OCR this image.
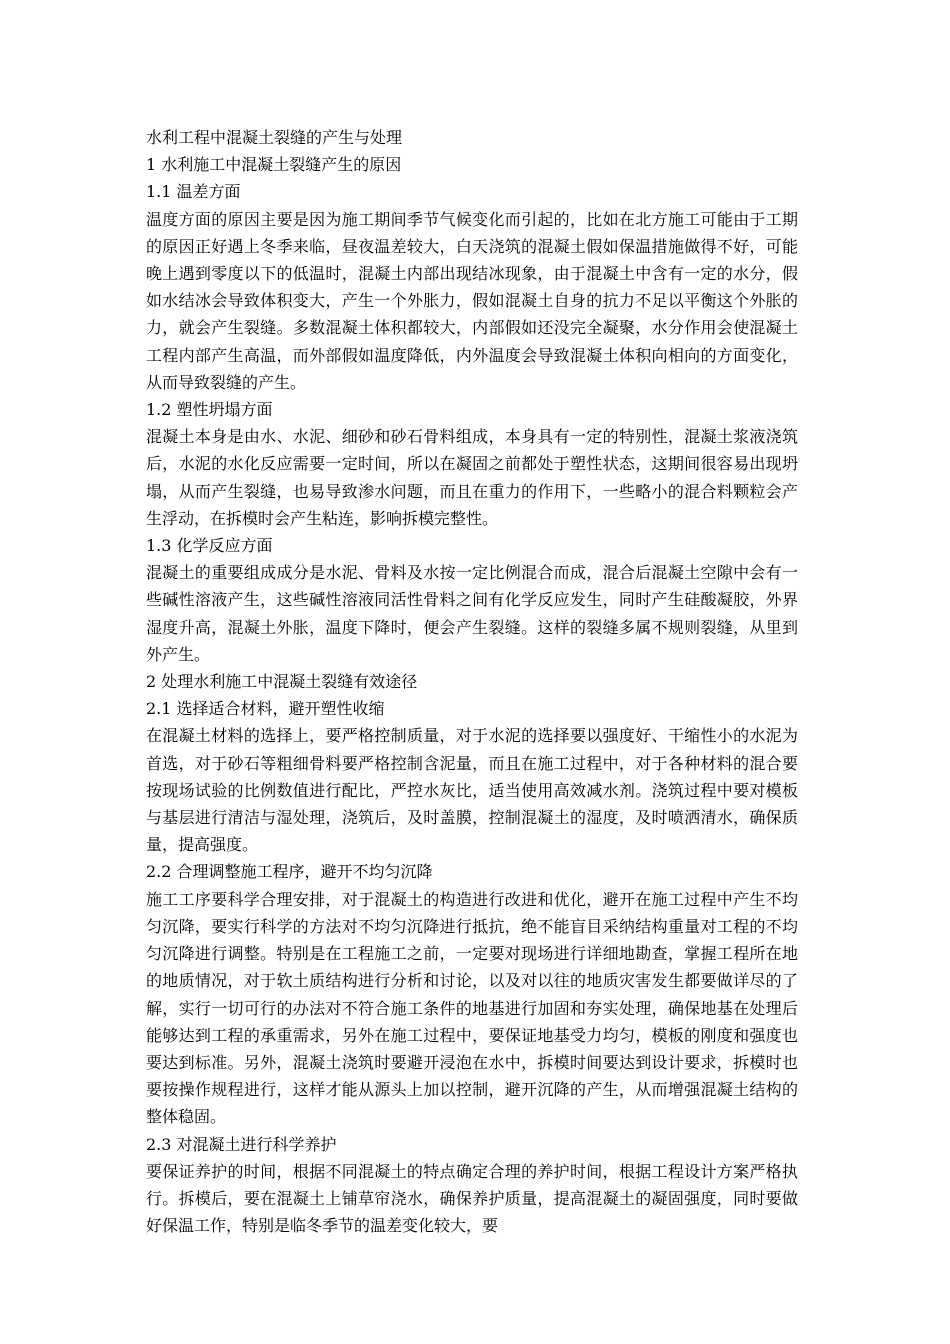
水利工程中混凝土裂缝的产生与处理

1 水利施工中混凝土裂缝产生的原因

1.1 温差方面

温度方面的原因主要是因为施工期间季节气候变化而引起的，比如在北方施工可能由于工期的原因正好遇上冬季来临，昼夜温差较大，白天浇筑的混凝土假如保温措施做得不好，可能晚上遇到零度以下的低温时，混凝土内部出现结冰现象，由于混凝土中含有一定的水分，假如水结冰会导致体积变大，产生一个外胀力，假如混凝土自身的抗力不足以平衡这个外胀的力，就会产生裂缝。多数混凝土体积都较大，内部假如还没完全凝聚，水分作用会使混凝土工程内部产生高温，而外部假如温度降低，内外温度会导致混凝土体积向相向的方面变化，从而导致裂缝的产生。

1.2 塑性坍塌方面

混凝土本身是由水、水泥、细砂和砂石骨料组成，本身具有一定的特别性，混凝土浆液浇筑后，水泥的水化反应需要一定时间，所以在凝固之前都处于塑性状态，这期间很容易出现坍塌，从而产生裂缝，也易导致渗水问题，而且在重力的作用下，一些略小的混合料颗粒会产生浮动，在拆模时会产生粘连，影响拆模完整性。

1.3 化学反应方面

混凝土的重要组成成分是水泥、骨料及水按一定比例混合而成，混合后混凝土空隙中会有一些碱性溶液产生，这些碱性溶液同活性骨料之间有化学反应发生，同时产生硅酸凝胶，外界湿度升高，混凝土外胀，温度下降时，便会产生裂缝。这样的裂缝多属不规则裂缝，从里到外产生。

2 处理水利施工中混凝土裂缝有效途径

2.1 选择适合材料，避开塑性收缩

在混凝土材料的选择上，要严格控制质量，对于水泥的选择要以强度好、干缩性小的水泥为首选，对于砂石等粗细骨料要严格控制含泥量，而且在施工过程中，对于各种材料的混合要按现场试验的比例数值进行配比，严控水灰比，适当使用高效减水剂。浇筑过程中要对模板与基层进行清洁与湿处理，浇筑后，及时盖膜，控制混凝土的湿度，及时喷洒清水，确保质量，提高强度。

2.2 合理调整施工程序，避开不均匀沉降

施工工序要科学合理安排，对于混凝土的构造进行改进和优化，避开在施工过程中产生不均匀沉降，要实行科学的方法对不均匀沉降进行抵抗，绝不能盲目采纳结构重量对工程的不均匀沉降进行调整。特别是在工程施工之前，一定要对现场进行详细地勘查，掌握工程所在地的地质情况，对于软土质结构进行分析和讨论，以及对以往的地质灾害发生都要做详尽的了解，实行一切可行的办法对不符合施工条件的地基进行加固和夯实处理，确保地基在处理后能够达到工程的承重需求，另外在施工过程中，要保证地基受力均匀，模板的刚度和强度也要达到标准。另外，混凝土浇筑时要避开浸泡在水中，拆模时间要达到设计要求，拆模时也要按操作规程进行，这样才能从源头上加以控制，避开沉降的产生，从而增强混凝土结构的整体稳固。

2.3 对混凝土进行科学养护

要保证养护的时间，根据不同混凝土的特点确定合理的养护时间，根据工程设计方案严格执行。拆模后，要在混凝土上铺草帘浇水，确保养护质量，提高混凝土的凝固强度，同时要做好保温工作，特别是临冬季节的温差变化较大，要
